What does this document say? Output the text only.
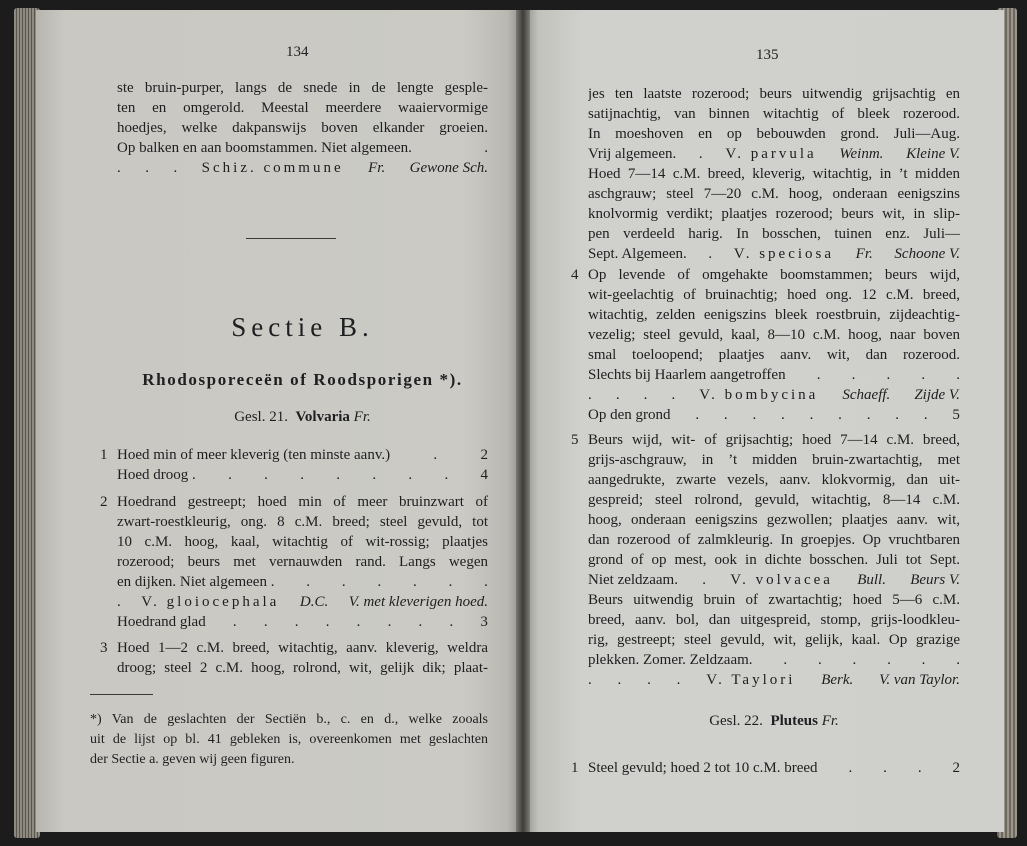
134
ste bruin-purper, langs de snede in de lengte gesple-
ten en omgerold. Meestal meerdere waaiervormige
hoedjes, welke dakpanswijs boven elkander groeien.
Op balken en aan boomstammen. Niet algemeen.	.
. . . Schiz. commune Fr. Gewone Sch.
Sectie B.
Rhodosporeceën of Roodsporigen *).
Gesl. 21. Volvaria Fr.
1 Hoed min of meer kleverig (ten minste aanv.)	.	2
Hoed droog . . . . . . . . 4
2 Hoedrand gestreept; hoed min of meer bruinzwart of
zwart-roestkleurig, ong. 8 c.M. breed; steel gevuld, tot
10 c.M. hoog, kaal, witachtig of wit-rossig; plaatjes
rozerood; beurs met vernauwden rand. Langs wegen
en dijken. Niet algemeen . . . . . . .
. V. gloiocephala D.C. V. met kleverigen hoed.
Hoedrand glad . . . . . . . . 3
3 Hoed 1—2 c.M. breed, witachtig, aanv. kleverig, weldra
droog; steel 2 c.M. hoog, rolrond, wit, gelijk dik; plaat-
*) Van de geslachten der Sectiën b., c. en d., welke zooals
uit de lijst op bl. 41 gebleken is, overeenkomen met geslachten
der Sectie a. geven wij geen figuren.
135
jes ten laatste rozerood; beurs uitwendig grijsachtig en
satijnachtig, van binnen witachtig of bleek rozerood.
In moeshoven en op bebouwden grond. Juli—Aug.
Vrij algemeen. . V. parvula Weinm. Kleine V.
Hoed 7—14 c.M. breed, kleverig, witachtig, in ’t midden
aschgrauw; steel 7—20 c.M. hoog, onderaan eenigszins
knolvormig verdikt; plaatjes rozerood; beurs wit, in slip-
pen verdeeld harig. In bosschen, tuinen enz. Juli—
Sept. Algemeen. . V. speciosa Fr. Schoone V.
4 Op levende of omgehakte boomstammen; beurs wijd,
wit-geelachtig of bruinachtig; hoed ong. 12 c.M. breed,
witachtig, zelden eenigszins bleek roestbruin, zijdeachtig-
vezelig; steel gevuld, kaal, 8—10 c.M. hoog, naar boven
smal toeloopend; plaatjes aanv. wit, dan rozerood.
Slechts bij Haarlem aangetroffen . . . . .
. . . . V. bombycina Schaeff. Zijde V.
Op den grond . . . . . . . . . 5
5 Beurs wijd, wit- of grijsachtig; hoed 7—14 c.M. breed,
grijs-aschgrauw, in ’t midden bruin-zwartachtig, met
aangedrukte, zwarte vezels, aanv. klokvormig, dan uit-
gespreid; steel rolrond, gevuld, witachtig, 8—14 c.M.
hoog, onderaan eenigszins gezwollen; plaatjes aanv. wit,
dan rozerood of zalmkleurig. In groepjes. Op vruchtbaren
grond of op mest, ook in dichte bosschen. Juli tot Sept.
Niet zeldzaam. . V. volvacea Bull. Beurs V.
Beurs uitwendig bruin of zwartachtig; hoed 5—6 c.M.
breed, aanv. bol, dan uitgespreid, stomp, grijs-loodkleu-
rig, gestreept; steel gevuld, wit, gelijk, kaal. Op grazige
plekken. Zomer. Zeldzaam. . . . . . .
. . . . V. Taylori Berk. V. van Taylor.
Gesl. 22. Pluteus Fr.
1 Steel gevuld; hoed 2 tot 10 c.M. breed . . . 2
